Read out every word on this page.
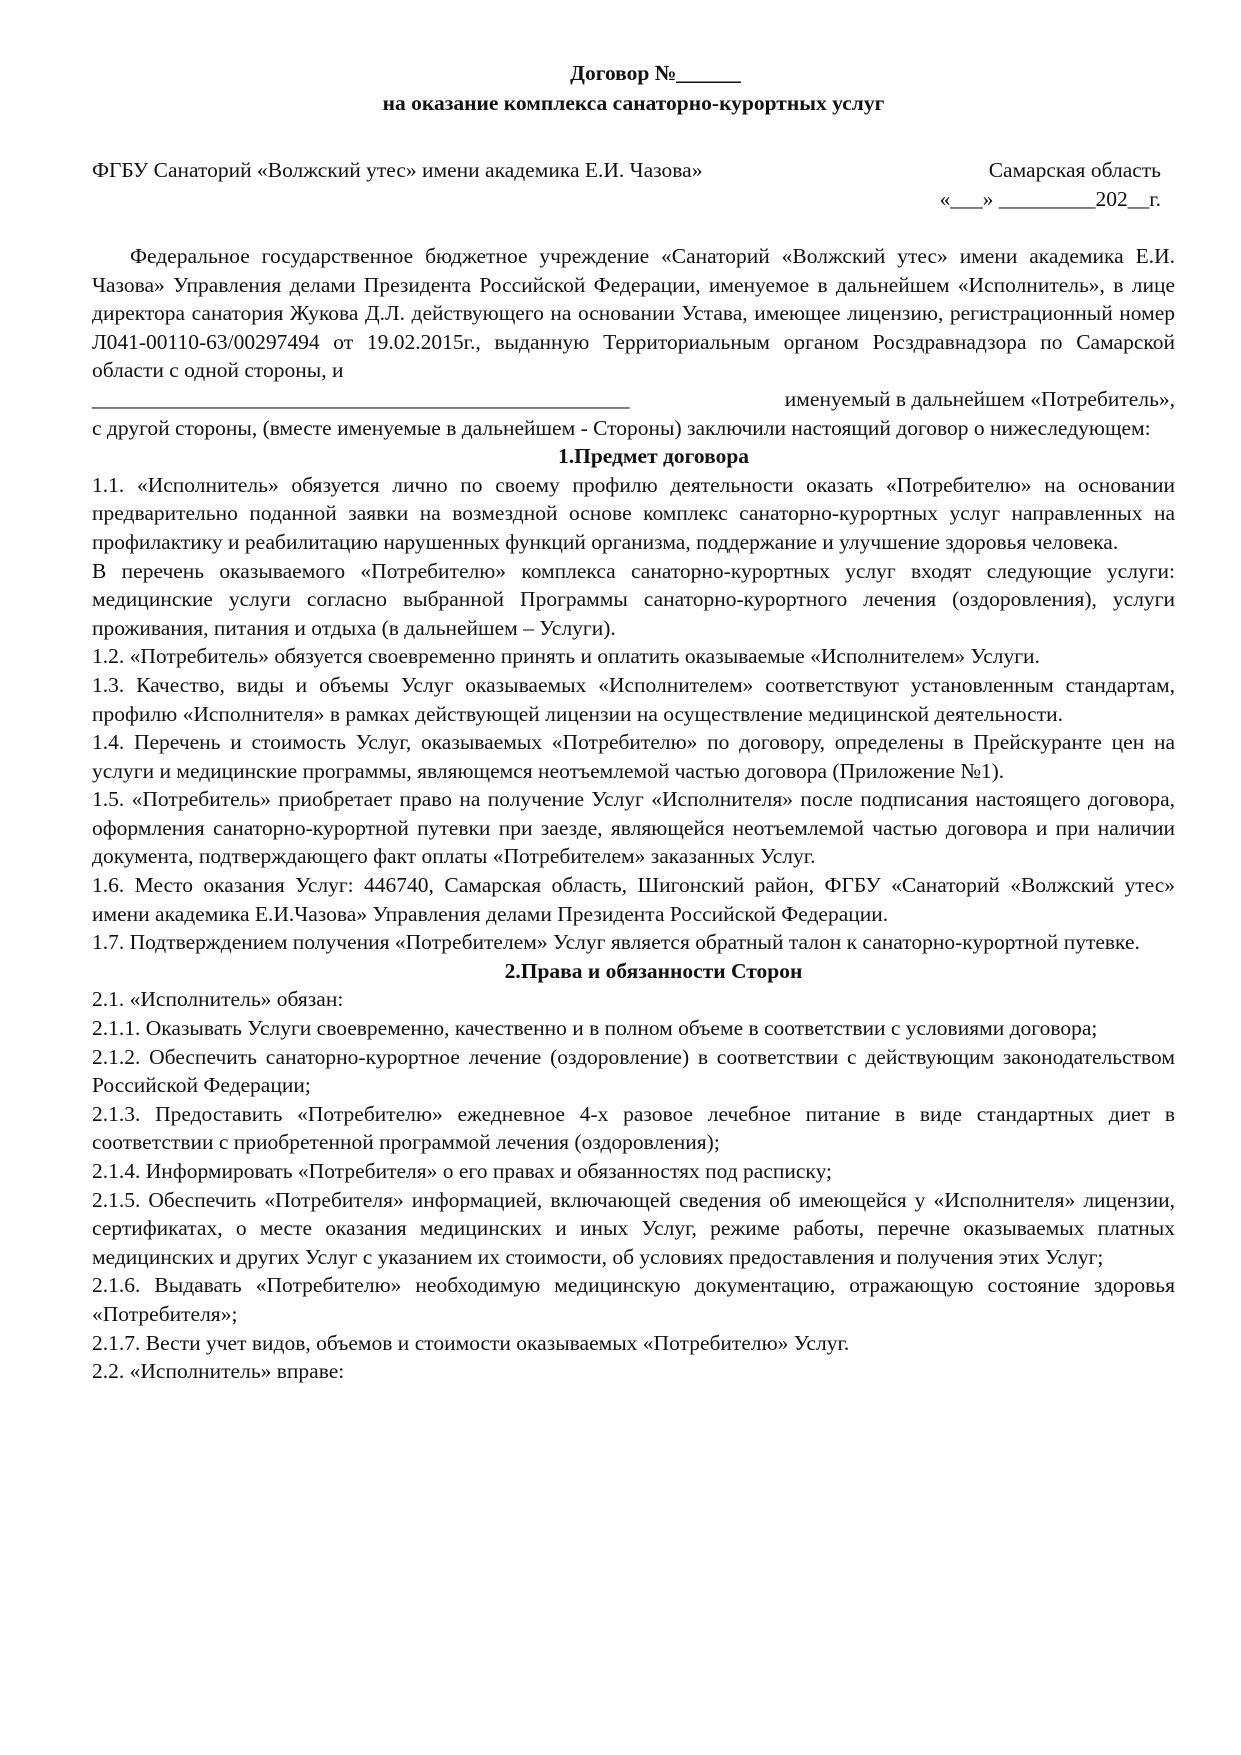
Договор №______

на оказание комплекса санаторно-курортных услуг

ФГБУ Санаторий «Волжский утес» имени академика Е.И. Чазова»	Самарская область
«___» _________202__г.

Федеральное государственное бюджетное учреждение «Санаторий «Волжский утес» имени академика Е.И. Чазова» Управления делами Президента Российской Федерации, именуемое в дальнейшем «Исполнитель», в лице директора санатория Жукова Д.Л. действующего на основании Устава, имеющее лицензию, регистрационный номер Л041-00110-63/00297494 от 19.02.2015г., выданную Территориальным органом Росздравнадзора по Самарской области с одной стороны, и

__________________________________________________	именуемый в дальнейшем «Потребитель»,

с другой стороны, (вместе именуемые в дальнейшем - Стороны) заключили настоящий договор о нижеследующем:

1.Предмет договора

1.1. «Исполнитель» обязуется лично по своему профилю деятельности оказать «Потребителю» на основании предварительно поданной заявки на возмездной основе комплекс санаторно-курортных услуг направленных на профилактику и реабилитацию нарушенных функций организма, поддержание и улучшение здоровья человека.

В перечень оказываемого «Потребителю» комплекса санаторно-курортных услуг входят следующие услуги: медицинские услуги согласно выбранной Программы санаторно-курортного лечения (оздоровления), услуги проживания, питания и отдыха (в дальнейшем – Услуги).

1.2. «Потребитель» обязуется своевременно принять и оплатить оказываемые «Исполнителем» Услуги.

1.3. Качество, виды и объемы Услуг оказываемых «Исполнителем» соответствуют установленным стандартам, профилю «Исполнителя» в рамках действующей лицензии на осуществление медицинской деятельности.

1.4. Перечень и стоимость Услуг, оказываемых «Потребителю» по договору, определены в Прейскуранте цен на услуги и медицинские программы, являющемся неотъемлемой частью договора (Приложение №1).

1.5. «Потребитель» приобретает право на получение Услуг «Исполнителя» после подписания настоящего договора, оформления санаторно-курортной путевки при заезде, являющейся неотъемлемой частью договора и при наличии документа, подтверждающего факт оплаты «Потребителем» заказанных Услуг.

1.6. Место оказания Услуг: 446740, Самарская область, Шигонский район, ФГБУ «Санаторий «Волжский утес» имени академика Е.И.Чазова» Управления делами Президента Российской Федерации.

1.7. Подтверждением получения «Потребителем» Услуг является обратный талон к санаторно-курортной путевке.

2.Права и обязанности Сторон

2.1. «Исполнитель» обязан:

2.1.1. Оказывать Услуги своевременно, качественно и в полном объеме в соответствии с условиями договора;

2.1.2. Обеспечить санаторно-курортное лечение (оздоровление) в соответствии с действующим законодательством Российской Федерации;

2.1.3. Предоставить «Потребителю» ежедневное 4-х разовое лечебное питание в виде стандартных диет в соответствии с приобретенной программой лечения (оздоровления);

2.1.4. Информировать «Потребителя» о его правах и обязанностях под расписку;

2.1.5. Обеспечить «Потребителя» информацией, включающей сведения об имеющейся у «Исполнителя» лицензии, сертификатах, о месте оказания медицинских и иных Услуг, режиме работы, перечне оказываемых платных медицинских и других Услуг с указанием их стоимости, об условиях предоставления и получения этих Услуг;

2.1.6. Выдавать «Потребителю» необходимую медицинскую документацию, отражающую состояние здоровья «Потребителя»;

2.1.7. Вести учет видов, объемов и стоимости оказываемых «Потребителю» Услуг.

2.2. «Исполнитель» вправе:
